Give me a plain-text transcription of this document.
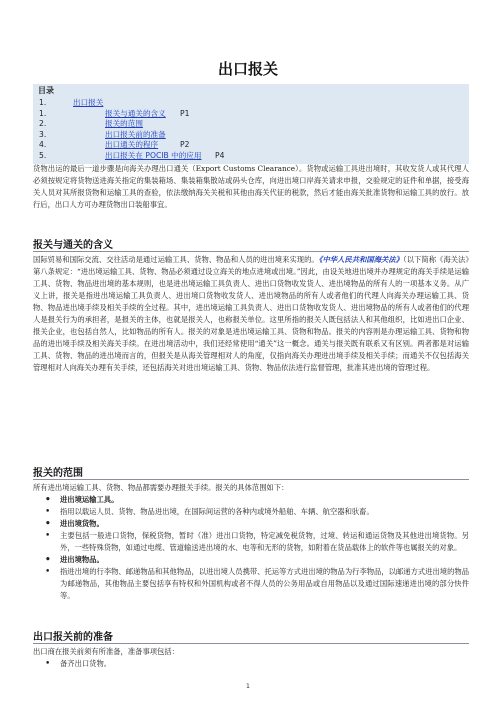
出口报关
目录
1.	出口报关
1.	报关与通关的含义 P1
2.	报关的范围
3.	出口报关前的准备
4.	出口通关的程序	P2
5.	出口报关在 POCIB 中的应用 P4
货物出运的最后一道步骤是向海关办理出口通关（Export Customs Clearance）。货物或运输工具进出境时，其收发货人或其代理人必须按规定将货物送进海关指定的集装箱场、集装箱集散站或码头仓库，向进出境口岸海关请求申报，交验规定的证件和单据，接受海关人员对其所报货物和运输工具的查验，依法缴纳海关关税和其他由海关代征的税款，然后才能由海关批准货物和运输工具的放行。放行后，出口人方可办理货物出口装船事宜。
报关与通关的含义
国际贸易和国际交流、交往活动是通过运输工具、货物、物品和人员的进出境来实现的。《中华人民共和国海关法》（以下简称《海关法》第八条规定：“进出境运输工具、货物、物品必须通过设立海关的地点进境或出境。”因此，由设关地进出境并办理规定的海关手续是运输工具、货物、物品进出境的基本规则，也是进出境运输工具负责人、进出口货物收发货人、进出境物品的所有人的一项基本义务。从广义上讲，报关是指进出境运输工具负责人、进出境口货物收发货人、进出境物品的所有人或者他们的代理人向海关办理运输工具、货物、物品进出境手续及相关手续的全过程。其中，进出境运输工具负责人、进出口货物收发货人、进出境物品的所有人或者他们的代理人是报关行为的承担者，是报关的主体，也就是报关人，也称报关单位。这里所指的报关人既包括法人和其他组织，比如进出口企业、报关企业，也包括自然人，比如物品的所有人。报关的对象是进出境运输工具、货物和物品。报关的内容则是办理运输工具、货物和物品的进出境手续及相关海关手续。在进出境活动中，我们还经常使用“通关”这一概念。通关与报关既有联系又有区别。两者都是对运输工具、货物、物品的进出境而言的，但报关是从海关管理相对人的角度，仅指向海关办理进出境手续及相关手续；而通关不仅包括海关管理相对人向海关办理有关手续，还包括海关对进出境运输工具、货物、物品依法进行监督管理，批准其进出境的管理过程。
报关的范围
所有进出境运输工具、货物、物品都需要办理报关手续。报关的具体范围如下：
• 进出境运输工具。
• 指用以载运人员、货物、物品进出境，在国际间运营的各种内或境外船舶、车辆、航空器和驮畜。
• 进出境货物。
• 主要包括一般进口货物，保税货物，暂时（准）进出口货物，特定减免税货物，过境、转运和通运货物及其他进出境货物。另外，一些特殊货物，如通过电缆、管道输送进出境的水、电等和无形的货物，如附着在货品载体上的软件等也属报关的对象。
• 进出境物品。
• 指进出境的行李物、邮递物品和其他物品，以进出境人员携带、托运等方式进出境的物品为行李物品，以邮递方式进出境的物品为邮递物品，其他物品主要包括享有特权和外国机构或者不得人员的公务用品或自用物品以及通过国际速递进出境的部分快件等。
出口报关前的准备
出口商在报关前须有所准备，准备事项包括：
• 备齐出口货物。
1
